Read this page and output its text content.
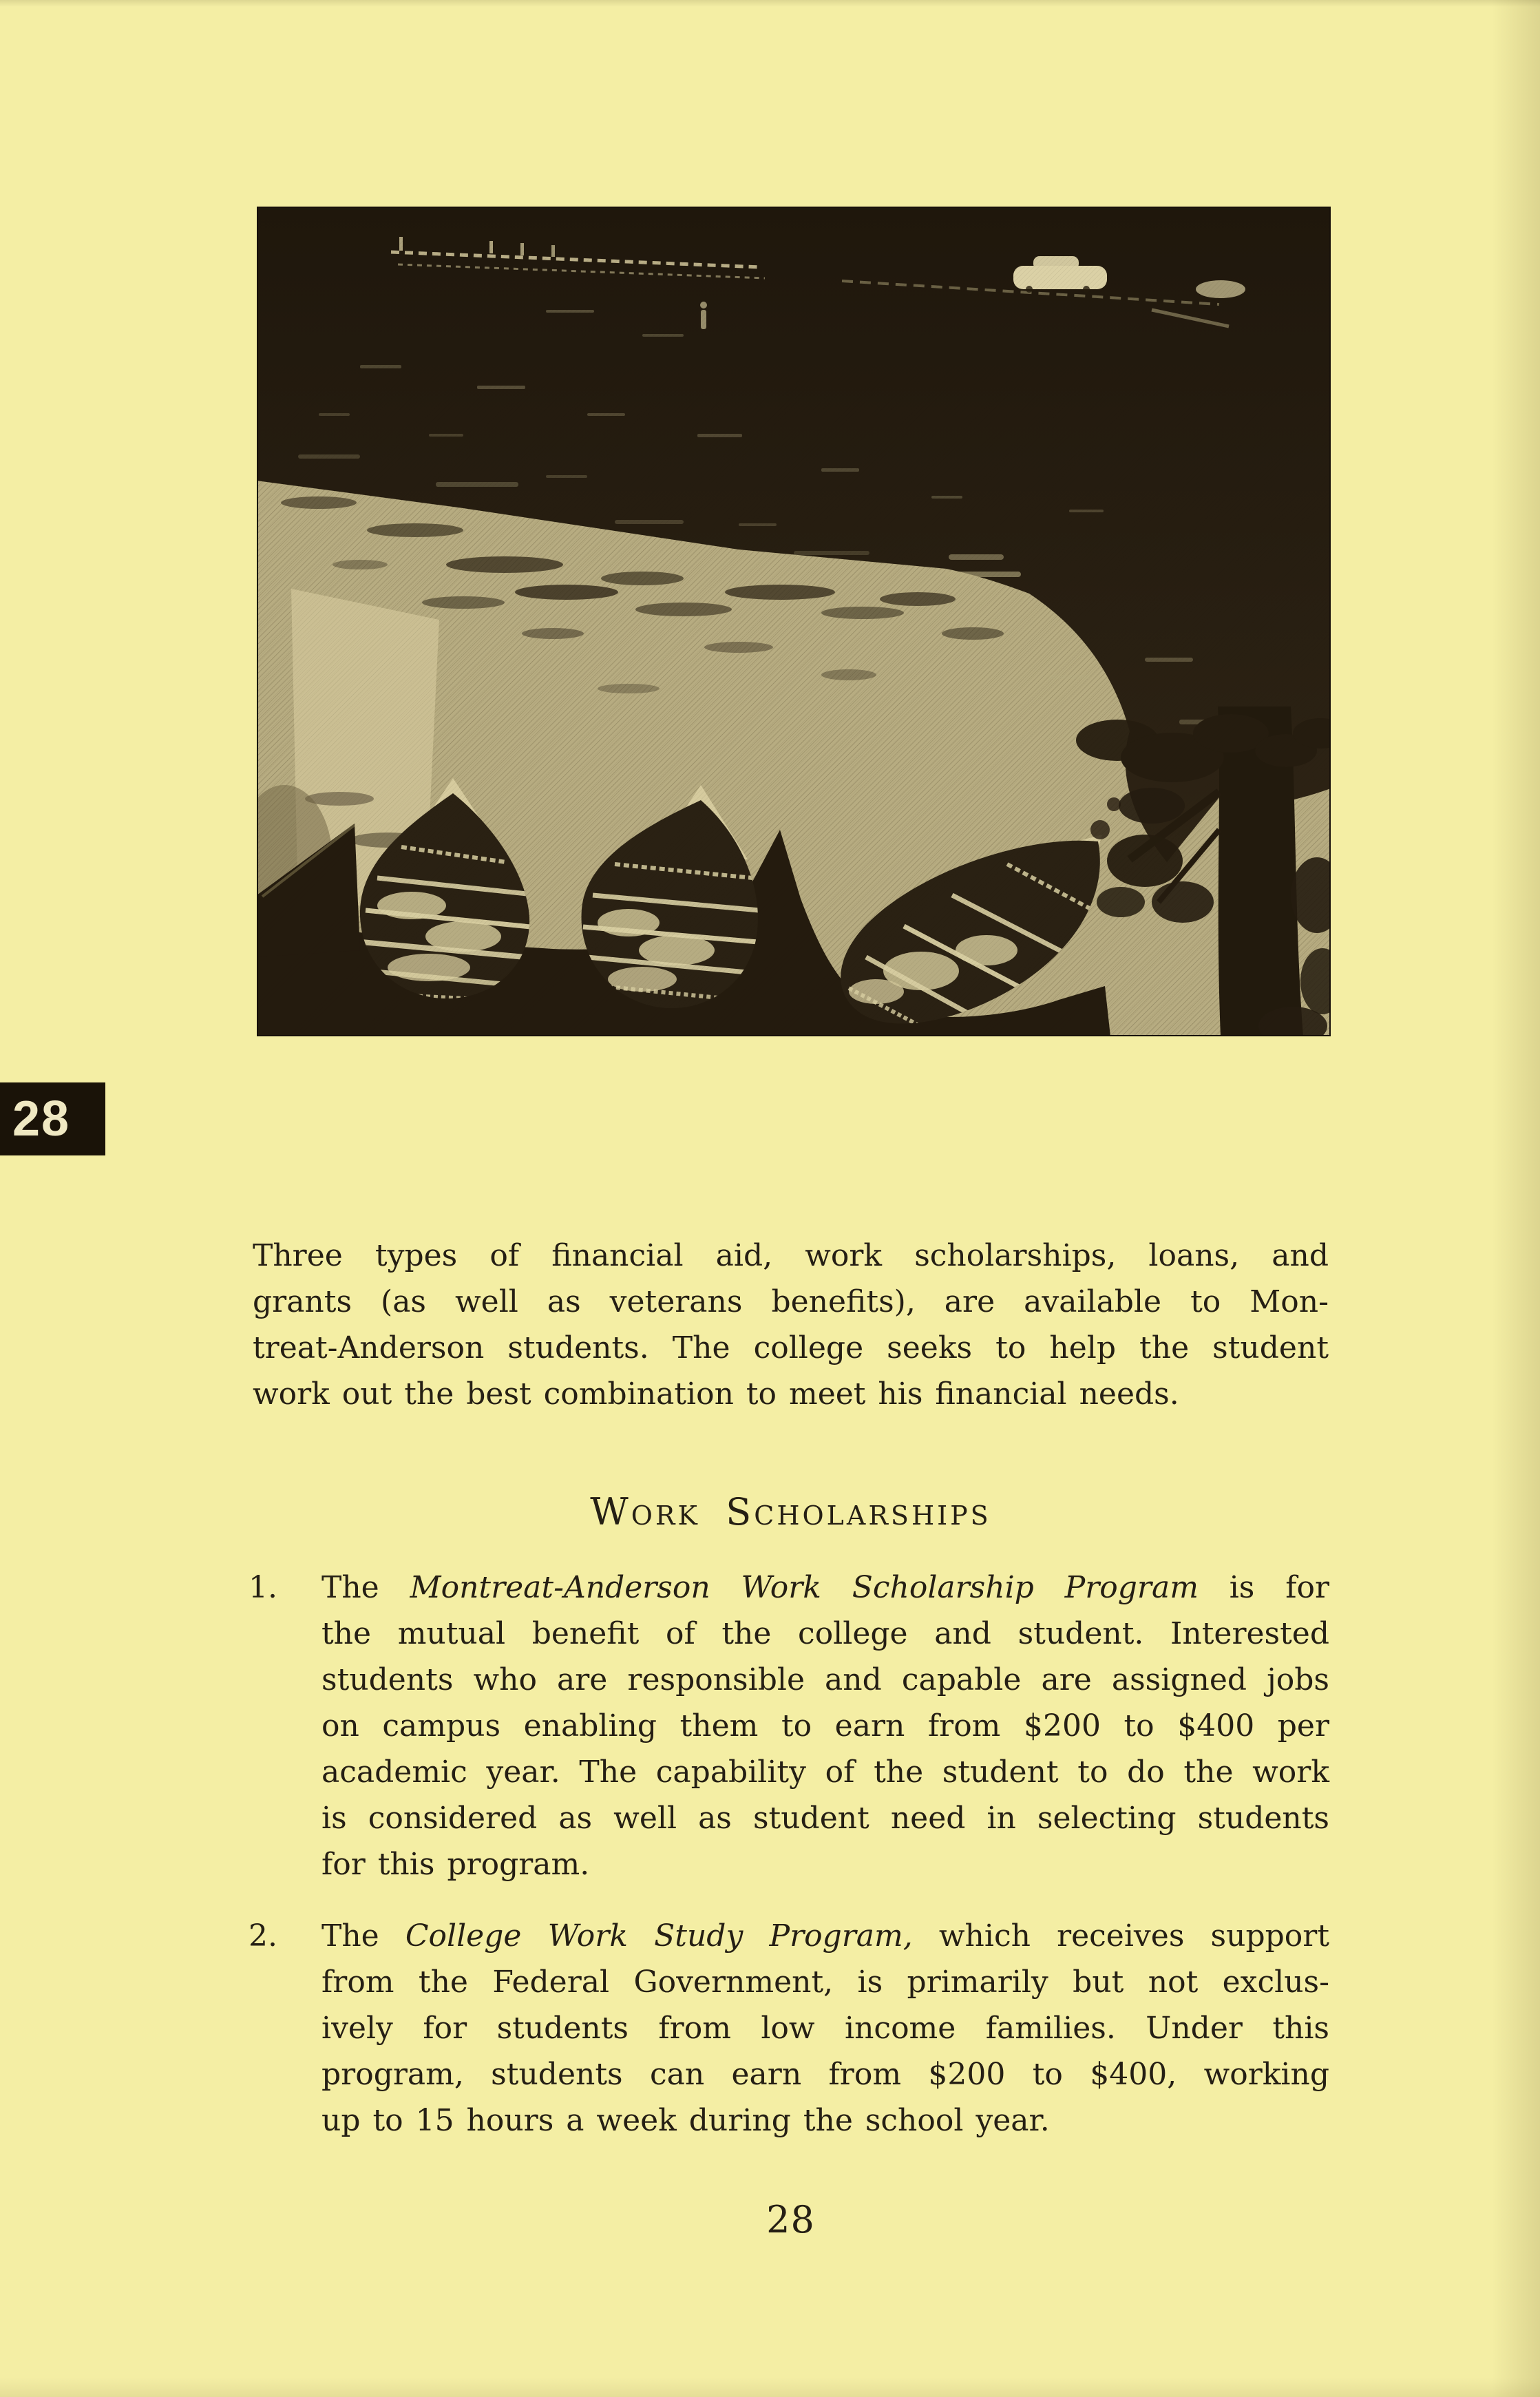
28
Three types of financial aid, work scholarships, loans, and
grants (as well as veterans benefits), are available to Mon-
treat-Anderson students. The college seeks to help the student
work out the best combination to meet his financial needs.
Work Scholarships
1. The Montreat-Anderson Work Scholarship Program is for
the mutual benefit of the college and student. Interested
students who are responsible and capable are assigned jobs
on campus enabling them to earn from $200 to $400 per
academic year. The capability of the student to do the work
is considered as well as student need in selecting students
for this program.
2. The College Work Study Program, which receives support
from the Federal Government, is primarily but not exclus-
ively for students from low income families. Under this
program, students can earn from $200 to $400, working
up to 15 hours a week during the school year.
28
